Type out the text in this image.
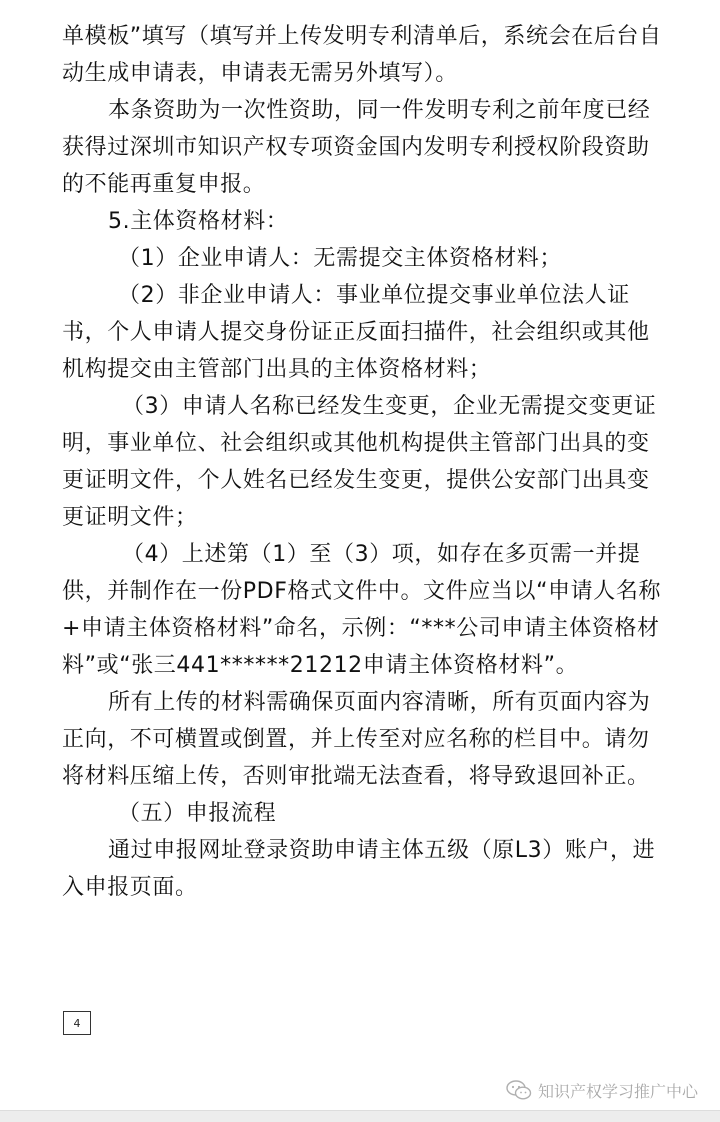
单模板”填写（填写并上传发明专利清单后，系统会在后台自动生成申请表，申请表无需另外填写）。

本条资助为一次性资助，同一件发明专利之前年度已经获得过深圳市知识产权专项资金国内发明专利授权阶段资助的不能再重复申报。

5.主体资格材料：

（1）企业申请人：无需提交主体资格材料；

（2）非企业申请人：事业单位提交事业单位法人证书，个人申请人提交身份证正反面扫描件，社会组织或其他机构提交由主管部门出具的主体资格材料；

（3）申请人名称已经发生变更，企业无需提交变更证明，事业单位、社会组织或其他机构提供主管部门出具的变更证明文件，个人姓名已经发生变更，提供公安部门出具变更证明文件；

（4）上述第（1）至（3）项，如存在多页需一并提供，并制作在一份PDF格式文件中。文件应当以“申请人名称+申请主体资格材料”命名，示例：“***公司申请主体资格材料”或“张三441******21212申请主体资格材料”。

所有上传的材料需确保页面内容清晰，所有页面内容为正向，不可横置或倒置，并上传至对应名称的栏目中。请勿将材料压缩上传，否则审批端无法查看，将导致退回补正。

（五）申报流程

通过申报网址登录资助申请主体五级（原L3）账户，进入申报页面。

4
知识产权学习推广中心
